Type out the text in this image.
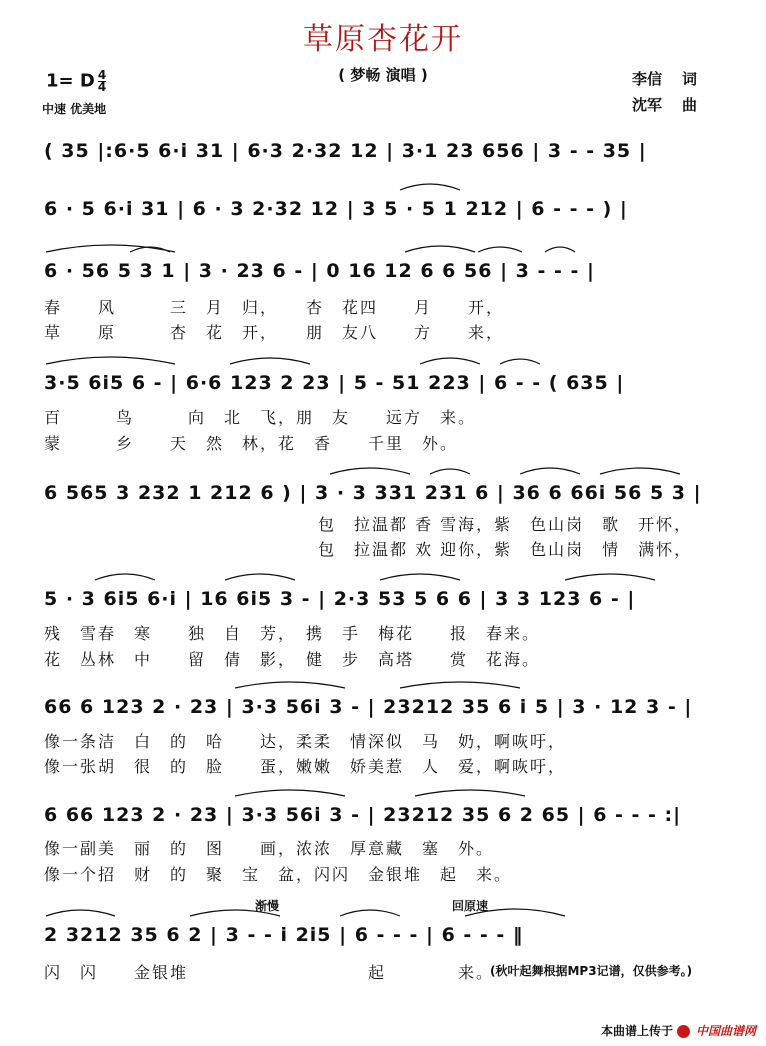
草原杏花开
( 梦畅 演唱 )
1= D $\frac{4}{4}$
中速 优美地
李信 词
沈军 曲
( 35 |:6·5 6·i 31 | 6·3 2·32 12 | 3·1 23 656 | 3 - - 35 |
6 · 5 6·i 31 | 6 · 3 2·32 12 | 3 5 · 5 1 212 | 6 - - - ) |
6 · 56 5 3 1 | 3 · 23 6 - | 0 16 12 6 6 56 | 3 - - - |
春　　风　　　三　月　归，　　杏　花四　　月　　开，
草　　原　　　杏　花　开，　　朋　友八　　方　　来，
3·5 6i5 6 - | 6·6 123 2 23 | 5 - 51 223 | 6 - - ( 635 |
百　　　鸟　　　向　北　飞，朋　友　　远方　来。
蒙　　　乡　　天　然　林，花　香　　千里　外。
6 565 3 232 1 212 6 ) | 3 · 3 331 231 6 | 36 6 66i 56 5 3 |
包　拉温都 香 雪海，紫　色山岗　歌　开怀，
包　拉温都 欢 迎你，紫　色山岗　情　满怀，
5 · 3 6i5 6·i | 16 6i5 3 - | 2·3 53 5 6 6 | 3 3 123 6 - |
残　雪春　寒　　独　自　芳，　携　手　梅花　　报　春来。
花　丛林　中　　留　倩　影，　健　步　高塔　　赏　花海。
66 6 123 2 · 23 | 3·3 56i 3 - | 23212 35 6 i 5 | 3 · 12 3 - |
像一条洁　白　的　哈　　达，柔柔　情深似　马　奶，啊咴吁，
像一张胡　很　的　脸　　蛋，嫩嫩　娇美惹　人　爱，啊咴吁，
6 66 123 2 · 23 | 3·3 56i 3 - | 23212 35 6 2 65 | 6 - - - :|
像一副美　丽　的　图　　画，浓浓　厚意藏　塞　外。
像一个招　财　的　聚　宝　盆，闪闪　金银堆　起　来。
渐慢	回原速
2 3212 35 6 2 | 3 - - i 2i5 | 6 - - - | 6 - - - ‖
闪　闪　　金银堆　　　　　　　　　　起　　　　来。
(秋叶起舞根据MP3记谱，仅供参考。)
本曲谱上传于 中国曲谱网
